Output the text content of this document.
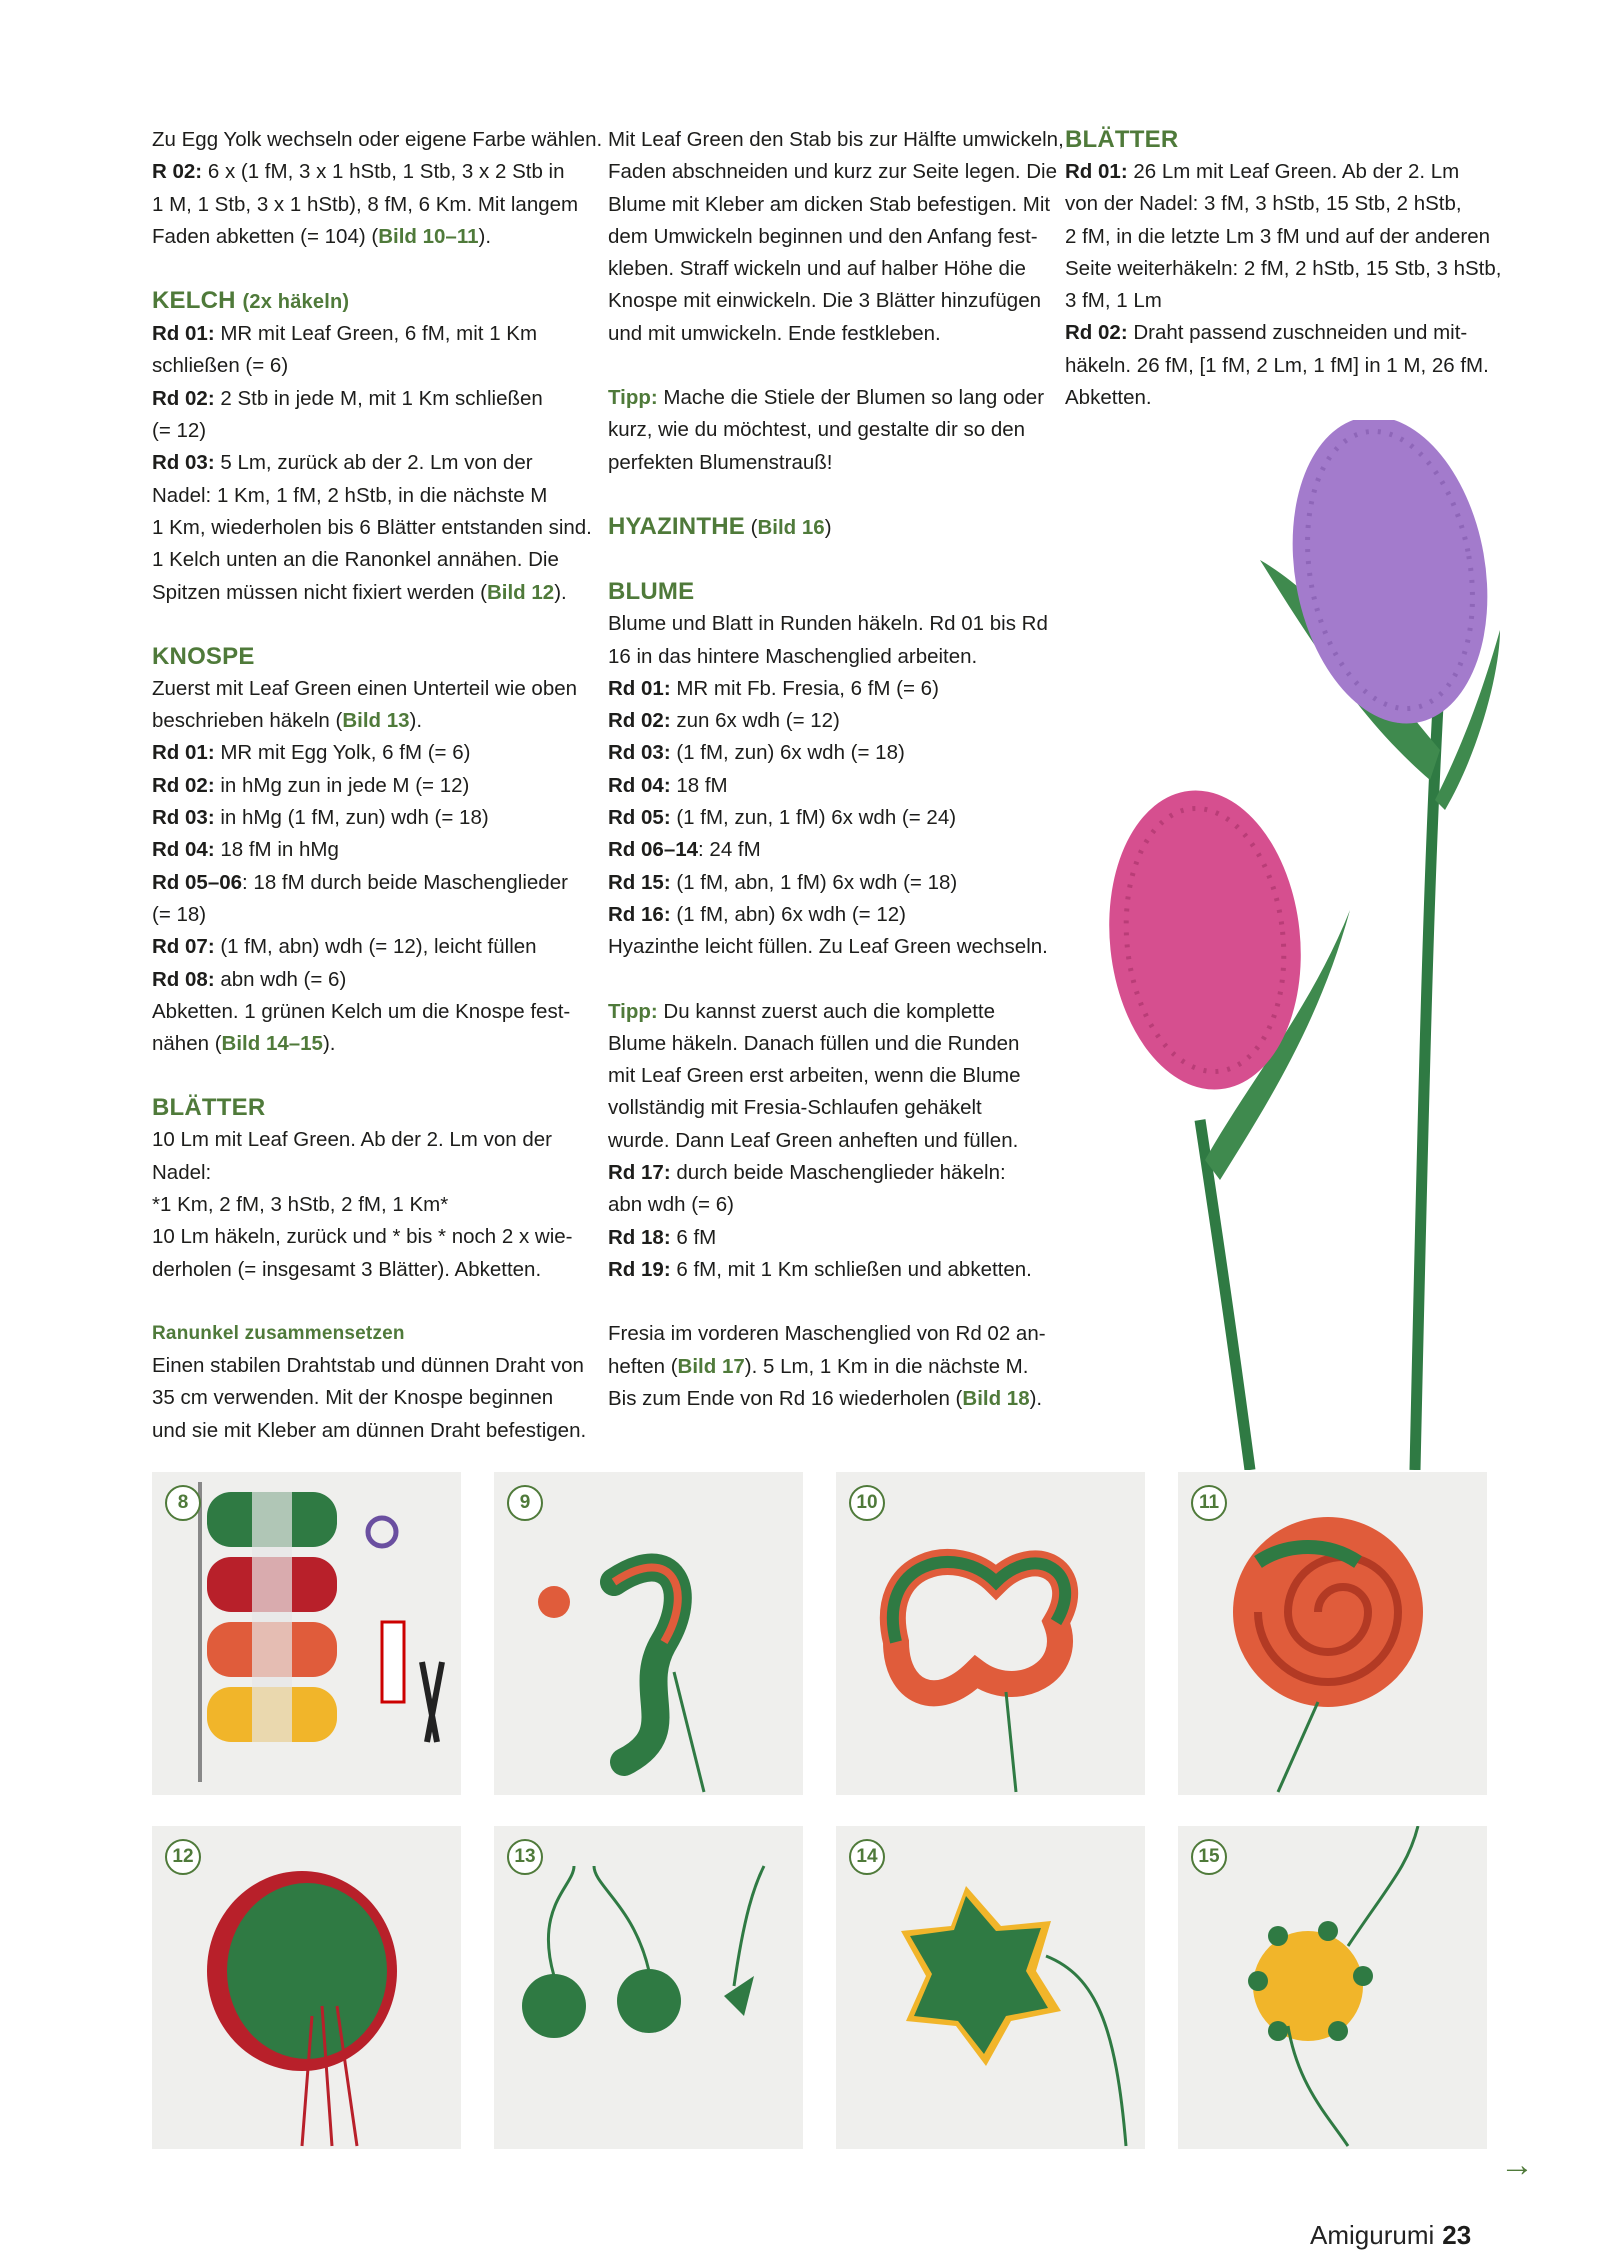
Zu Egg Yolk wechseln oder eigene Farbe wählen.
R 02: 6 x (1 fM, 3 x 1 hStb, 1 Stb, 3 x 2 Stb in
1 M, 1 Stb, 3 x 1 hStb), 8 fM, 6 Km. Mit langem
Faden abketten (= 104) (Bild 10–11).
KELCH (2x häkeln)
Rd 01: MR mit Leaf Green, 6 fM, mit 1 Km
schließen (= 6)
Rd 02: 2 Stb in jede M, mit 1 Km schließen
(= 12)
Rd 03: 5 Lm, zurück ab der 2. Lm von der
Nadel: 1 Km, 1 fM, 2 hStb, in die nächste M
1 Km, wiederholen bis 6 Blätter entstanden sind.
1 Kelch unten an die Ranonkel annähen. Die
Spitzen müssen nicht fixiert werden (Bild 12).
KNOSPE
Zuerst mit Leaf Green einen Unterteil wie oben
beschrieben häkeln (Bild 13).
Rd 01: MR mit Egg Yolk, 6 fM (= 6)
Rd 02: in hMg zun in jede M (= 12)
Rd 03: in hMg (1 fM, zun) wdh (= 18)
Rd 04: 18 fM in hMg
Rd 05–06: 18 fM durch beide Maschenglieder
(= 18)
Rd 07: (1 fM, abn) wdh (= 12), leicht füllen
Rd 08: abn wdh (= 6)
Abketten. 1 grünen Kelch um die Knospe fest-
nähen (Bild 14–15).
BLÄTTER
10 Lm mit Leaf Green. Ab der 2. Lm von der
Nadel:
*1 Km, 2 fM, 3 hStb, 2 fM, 1 Km*
10 Lm häkeln, zurück und * bis * noch 2 x wie-
derholen (= insgesamt 3 Blätter). Abketten.
Ranunkel zusammensetzen
Einen stabilen Drahtstab und dünnen Draht von
35 cm verwenden. Mit der Knospe beginnen
und sie mit Kleber am dünnen Draht befestigen.
Mit Leaf Green den Stab bis zur Hälfte umwickeln,
Faden abschneiden und kurz zur Seite legen. Die
Blume mit Kleber am dicken Stab befestigen. Mit
dem Umwickeln beginnen und den Anfang fest-
kleben. Straff wickeln und auf halber Höhe die
Knospe mit einwickeln. Die 3 Blätter hinzufügen
und mit umwickeln. Ende festkleben.
Tipp: Mache die Stiele der Blumen so lang oder
kurz, wie du möchtest, und gestalte dir so den
perfekten Blumenstrauß!
HYAZINTHE (Bild 16)
BLUME
Blume und Blatt in Runden häkeln. Rd 01 bis Rd
16 in das hintere Maschenglied arbeiten.
Rd 01: MR mit Fb. Fresia, 6 fM (= 6)
Rd 02: zun 6x wdh (= 12)
Rd 03: (1 fM, zun) 6x wdh (= 18)
Rd 04: 18 fM
Rd 05: (1 fM, zun, 1 fM) 6x wdh (= 24)
Rd 06–14: 24 fM
Rd 15: (1 fM, abn, 1 fM) 6x wdh (= 18)
Rd 16: (1 fM, abn) 6x wdh (= 12)
Hyazinthe leicht füllen. Zu Leaf Green wechseln.
Tipp: Du kannst zuerst auch die komplette
Blume häkeln. Danach füllen und die Runden
mit Leaf Green erst arbeiten, wenn die Blume
vollständig mit Fresia-Schlaufen gehäkelt
wurde. Dann Leaf Green anheften und füllen.
Rd 17: durch beide Maschenglieder häkeln:
abn wdh (= 6)
Rd 18: 6 fM
Rd 19: 6 fM, mit 1 Km schließen und abketten.
Fresia im vorderen Maschenglied von Rd 02 an-
heften (Bild 17). 5 Lm, 1 Km in die nächste M.
Bis zum Ende von Rd 16 wiederholen (Bild 18).
BLÄTTER
Rd 01: 26 Lm mit Leaf Green. Ab der 2. Lm
von der Nadel: 3 fM, 3 hStb, 15 Stb, 2 hStb,
2 fM, in die letzte Lm 3 fM und auf der anderen
Seite weiterhäkeln: 2 fM, 2 hStb, 15 Stb, 3 hStb,
3 fM, 1 Lm
Rd 02: Draht passend zuschneiden und mit-
häkeln. 26 fM, [1 fM, 2 Lm, 1 fM] in 1 M, 26 fM.
Abketten.
8	9	10	11
12	13	14	15
→
Amigurumi 23
